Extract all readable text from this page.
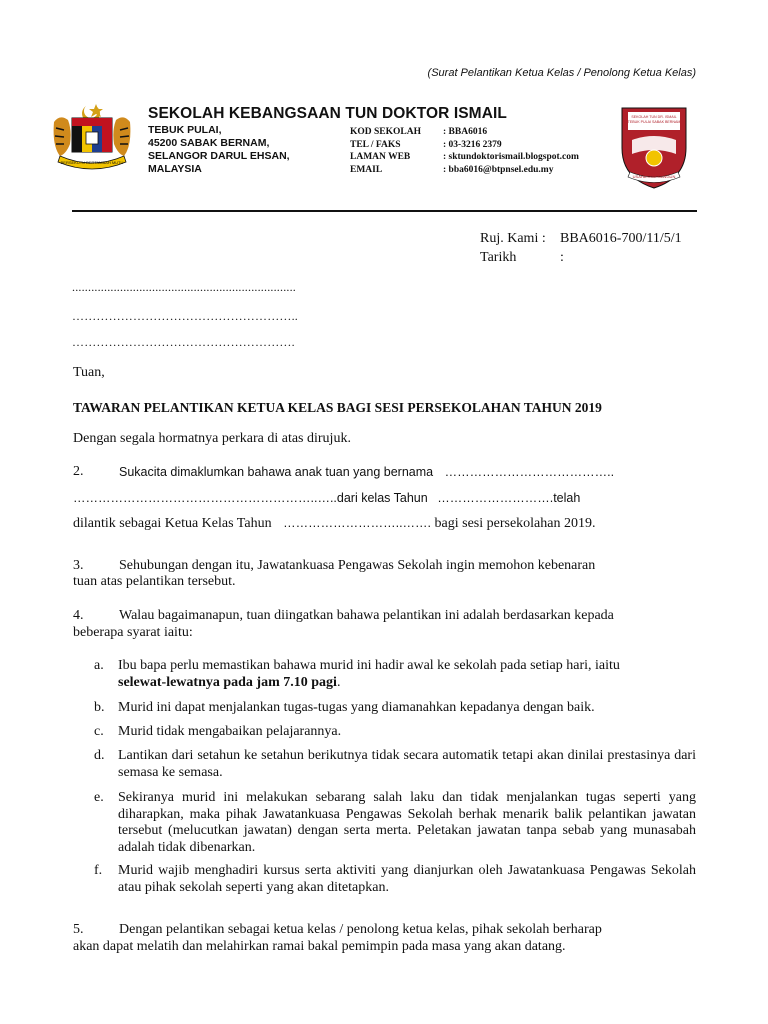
(Surat Pelantikan Ketua Kelas / Penolong Ketua Kelas)
BERSEKUTU BERTAMBAH MUTU
SEKOLAH KEBANGSAAN TUN DOKTOR ISMAIL
TEBUK PULAI,
45200 SABAK BERNAM,
SELANGOR DARUL EHSAN,
MALAYSIA
KOD SEKOLAH	: BBA6016
TEL / FAKS	: 03-3216 2379
LAMAN WEB	: sktundoktorismail.blogspot.com
EMAIL	: bba6016@btpnsel.edu.my
SEKOLAH TUN DR. ISMAIL
TEBUK PULAI SABAK BERNAM
USAHA CUM MANGUN
Ruj. Kami :	BBA6016-700/11/5/1
Tarikh	:
......................................................................
………………………………………………..
……………………………………………….
Tuan,
TAWARAN PELANTIKAN KETUA KELAS BAGI SESI PERSEKOLAHAN TAHUN 2019
Dengan segala hormatnya perkara di atas dirujuk.
2.	Sukacita dimaklumkan bahawa anak tuan yang bernama …………………………………..
…………………………………………………..…..dari kelas Tahun ……………………….telah
dilantik sebagai Ketua Kelas Tahun ………………………..……. bagi sesi persekolahan 2019.
3.	Sehubungan dengan itu, Jawatankuasa Pengawas Sekolah ingin memohon kebenaran
tuan atas pelantikan tersebut.
4.	Walau bagaimanapun, tuan diingatkan bahawa pelantikan ini adalah berdasarkan kepada
beberapa syarat iaitu:
a. Ibu bapa perlu memastikan bahawa murid ini hadir awal ke sekolah pada setiap hari, iaitu
selewat-lewatnya pada jam 7.10 pagi.
b. Murid ini dapat menjalankan tugas-tugas yang diamanahkan kepadanya dengan baik.
c. Murid tidak mengabaikan pelajarannya.
d. Lantikan dari setahun ke setahun berikutnya tidak secara automatik tetapi akan dinilai prestasinya dari semasa ke semasa.
e. Sekiranya murid ini melakukan sebarang salah laku dan tidak menjalankan tugas seperti yang diharapkan, maka pihak Jawatankuasa Pengawas Sekolah berhak menarik balik pelantikan jawatan tersebut (melucutkan jawatan) dengan serta merta. Peletakan jawatan tanpa sebab yang munasabah adalah tidak dibenarkan.
f. Murid wajib menghadiri kursus serta aktiviti yang dianjurkan oleh Jawatankuasa Pengawas Sekolah atau pihak sekolah seperti yang akan ditetapkan.
5.	Dengan pelantikan sebagai ketua kelas / penolong ketua kelas, pihak sekolah berharap
akan dapat melatih dan melahirkan ramai bakal pemimpin pada masa yang akan datang.
